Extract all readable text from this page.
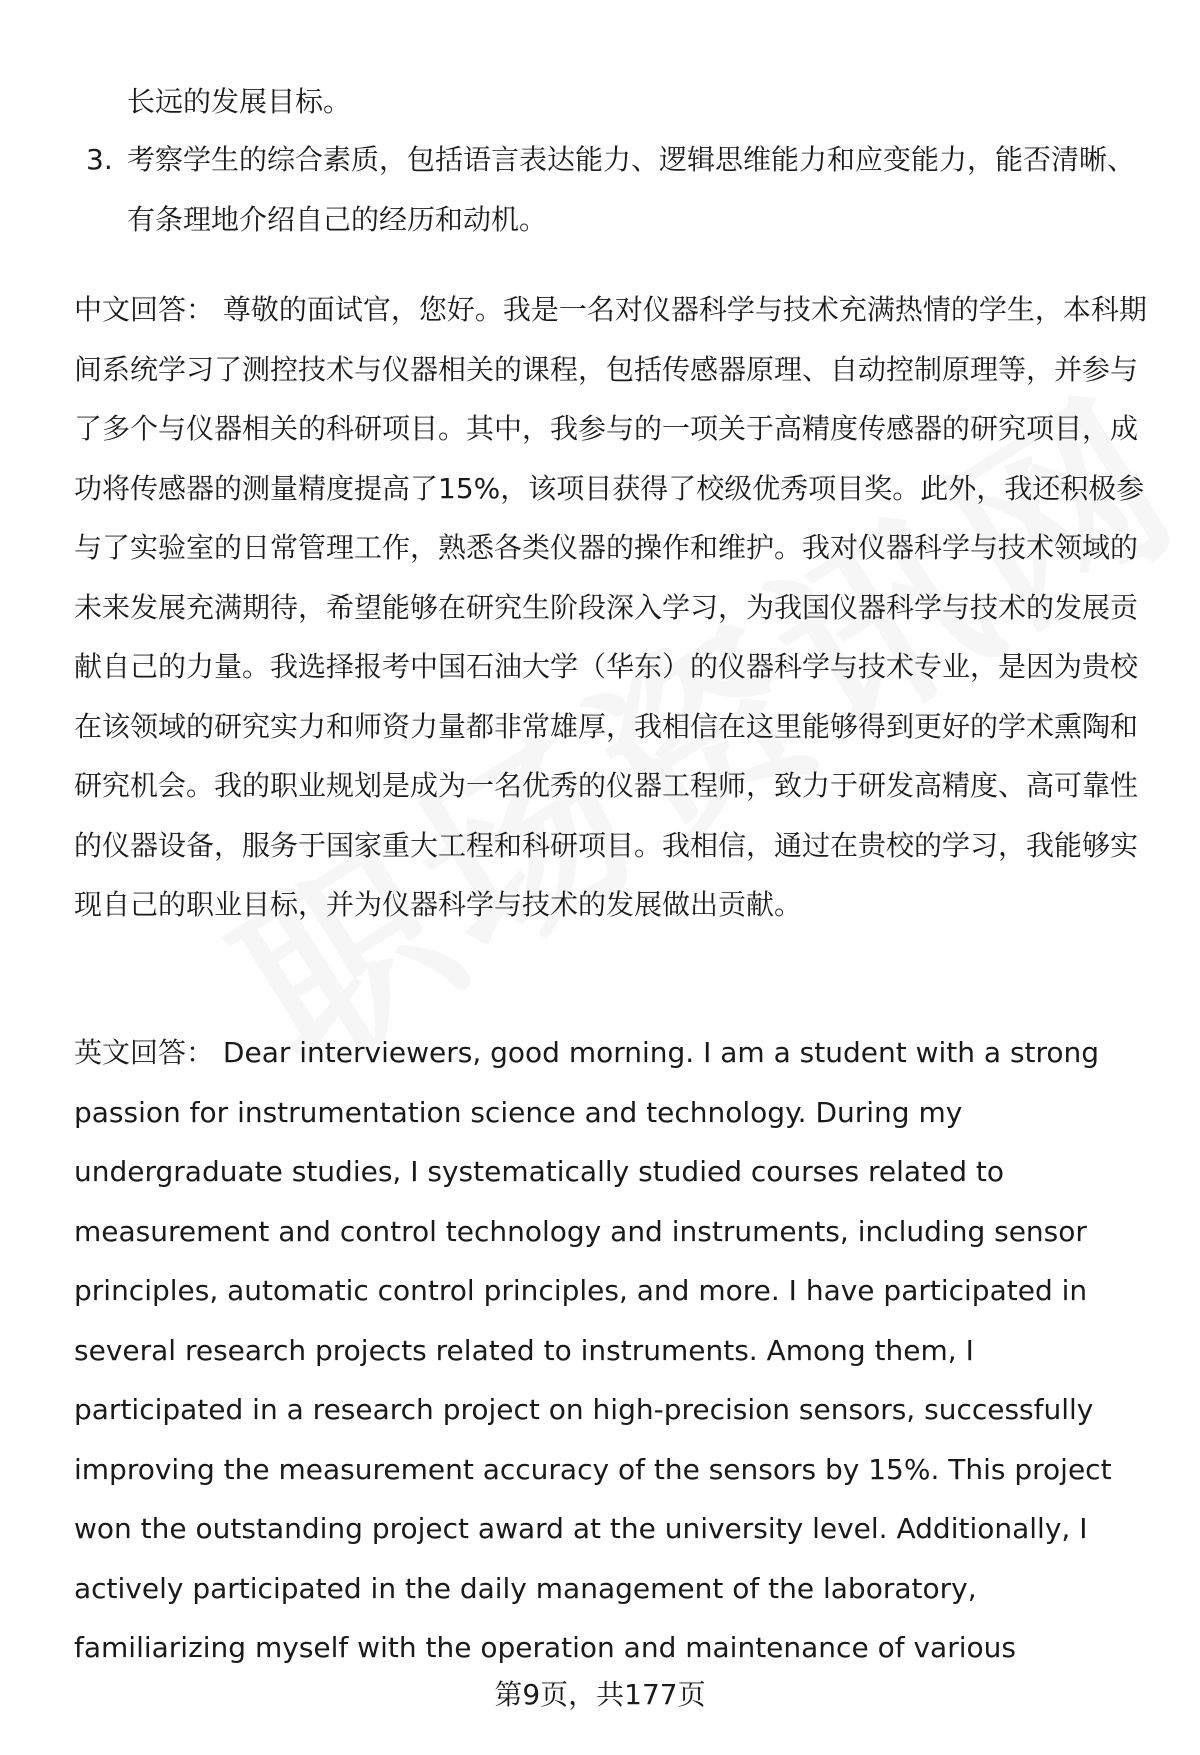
长远的发展目标。

3. 考察学生的综合素质，包括语言表达能力、逻辑思维能力和应变能力，能否清晰、有条理地介绍自己的经历和动机。

中文回答： 尊敬的面试官，您好。我是一名对仪器科学与技术充满热情的学生，本科期间系统学习了测控技术与仪器相关的课程，包括传感器原理、自动控制原理等，并参与了多个与仪器相关的科研项目。其中，我参与的一项关于高精度传感器的研究项目，成功将传感器的测量精度提高了15%，该项目获得了校级优秀项目奖。此外，我还积极参与了实验室的日常管理工作，熟悉各类仪器的操作和维护。我对仪器科学与技术领域的未来发展充满期待，希望能够在研究生阶段深入学习，为我国仪器科学与技术的发展贡献自己的力量。我选择报考中国石油大学（华东）的仪器科学与技术专业，是因为贵校在该领域的研究实力和师资力量都非常雄厚，我相信在这里能够得到更好的学术熏陶和研究机会。我的职业规划是成为一名优秀的仪器工程师，致力于研发高精度、高可靠性的仪器设备，服务于国家重大工程和科研项目。我相信，通过在贵校的学习，我能够实现自己的职业目标，并为仪器科学与技术的发展做出贡献。

英文回答： Dear interviewers, good morning. I am a student with a strong passion for instrumentation science and technology. During my undergraduate studies, I systematically studied courses related to measurement and control technology and instruments, including sensor principles, automatic control principles, and more. I have participated in several research projects related to instruments. Among them, I participated in a research project on high-precision sensors, successfully improving the measurement accuracy of the sensors by 15%. This project won the outstanding project award at the university level. Additionally, I actively participated in the daily management of the laboratory, familiarizing myself with the operation and maintenance of various

第9页，共177页
